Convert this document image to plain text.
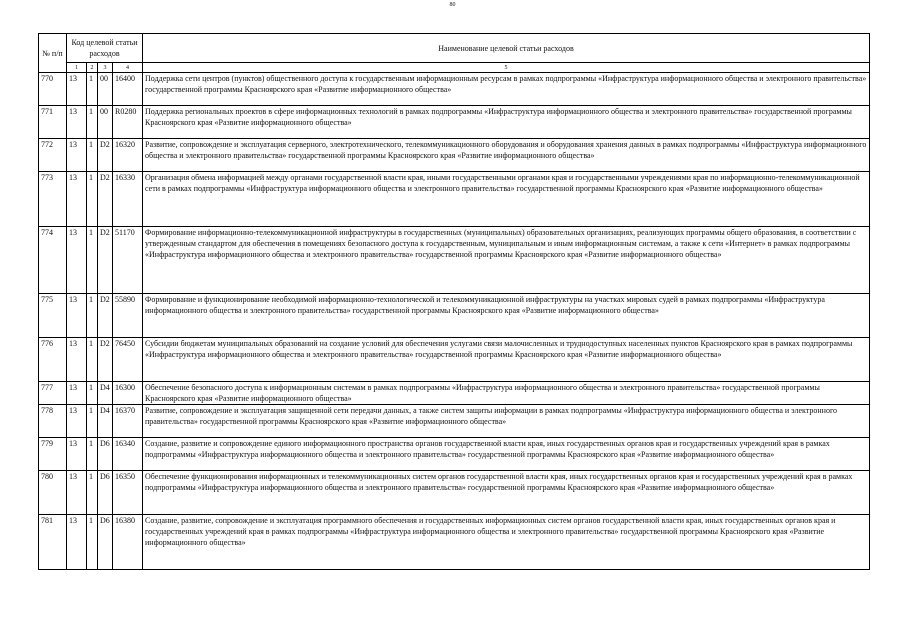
80
№ п/п	Код целевой статьи расходов				Наименование целевой статьи расходов
	1	2	3	4	5
770	13	1	00	16400	Поддержка сети центров (пунктов) общественного доступа к государственным информационным ресурсам в рамках подпрограммы «Инфраструктура информационного общества и электронного правительства» государственной программы Красноярского края «Развитие информационного общества»
771	13	1	00	R0280	Поддержка региональных проектов в сфере информационных технологий в рамках подпрограммы «Инфраструктура информационного общества и электронного правительства» государственной программы Красноярского края «Развитие информационного общества»
772	13	1	D2	16320	Развитие, сопровождение и эксплуатация серверного, электротехнического, телекоммуникационного оборудования и оборудования хранения данных в рамках подпрограммы «Инфраструктура информационного общества и электронного правительства» государственной программы Красноярского края «Развитие информационного общества»
773	13	1	D2	16330	Организация обмена информацией между органами государственной власти края, иными государственными органами края и государственными учреждениями края по информационно-телекоммуникационной сети в рамках подпрограммы «Инфраструктура информационного общества и электронного правительства» государственной программы Красноярского края «Развитие информационного общества»
774	13	1	D2	51170	Формирование информационно-телекоммуникационной инфраструктуры в государственных (муниципальных) образовательных организациях, реализующих программы общего образования, в соответствии с утвержденным стандартом для обеспечения в помещениях безопасного доступа к государственным, муниципальным и иным информационным системам, а также к сети «Интернет» в рамках подпрограммы «Инфраструктура информационного общества и электронного правительства» государственной программы Красноярского края «Развитие информационного общества»
775	13	1	D2	55890	Формирование и функционирование необходимой информационно-технологической и телекоммуникационной инфраструктуры на участках мировых судей в рамках подпрограммы «Инфраструктура информационного общества и электронного правительства» государственной программы Красноярского края «Развитие информационного общества»
776	13	1	D2	76450	Субсидии бюджетам муниципальных образований на создание условий для обеспечения услугами связи малочисленных и труднодоступных населенных пунктов Красноярского края в рамках подпрограммы «Инфраструктура информационного общества и электронного правительства» государственной программы Красноярского края «Развитие информационного общества»
777	13	1	D4	16300	Обеспечение безопасного доступа к информационным системам в рамках подпрограммы «Инфраструктура информационного общества и электронного правительства» государственной программы Красноярского края «Развитие информационного общества»
778	13	1	D4	16370	Развитие, сопровождение и эксплуатация защищенной сети передачи данных, а также систем защиты информации в рамках подпрограммы «Инфраструктура информационного общества и электронного правительства» государственной программы Красноярского края «Развитие информационного общества»
779	13	1	D6	16340	Создание, развитие и сопровождение единого информационного пространства органов государственной власти края, иных государственных органов края и государственных учреждений края в рамках подпрограммы «Инфраструктура информационного общества и электронного правительства» государственной программы Красноярского края «Развитие информационного общества»
780	13	1	D6	16350	Обеспечение функционирования информационных и телекоммуникационных систем органов государственной власти края, иных государственных органов края и государственных учреждений края в рамках подпрограммы «Инфраструктура информационного общества и электронного правительства» государственной программы Красноярского края «Развитие информационного общества»
781	13	1	D6	16380	Создание, развитие, сопровождение и эксплуатация программного обеспечения и государственных информационных систем органов государственной власти края, иных государственных органов края и государственных учреждений края в рамках подпрограммы «Инфраструктура информационного общества и электронного правительства» государственной программы Красноярского края «Развитие информационного общества»
